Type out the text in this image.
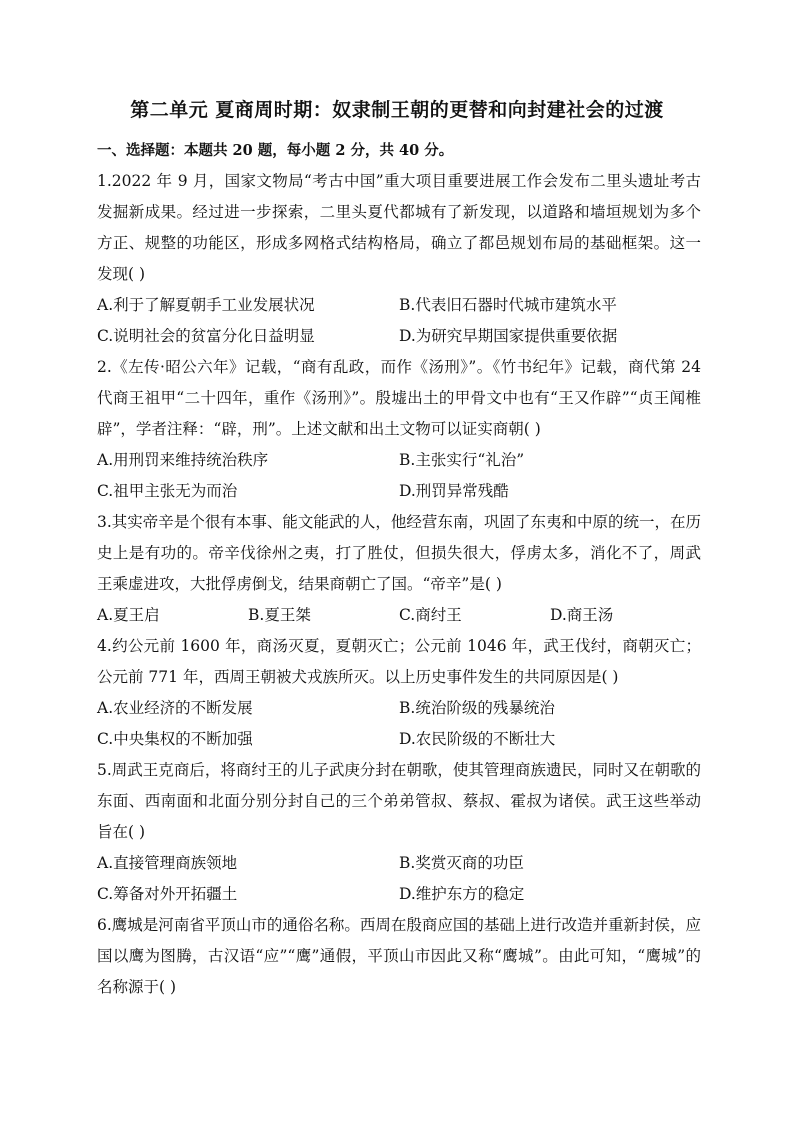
第二单元 夏商周时期：奴隶制王朝的更替和向封建社会的过渡
一、选择题：本题共 20 题，每小题 2 分，共 40 分。

1.2022 年 9 月，国家文物局“考古中国”重大项目重要进展工作会发布二里头遗址考古发掘新成果。经过进一步探索，二里头夏代都城有了新发现，以道路和墙垣规划为多个方正、规整的功能区，形成多网格式结构格局，确立了都邑规划布局的基础框架。这一发现( )

A.利于了解夏朝手工业发展状况	B.代表旧石器时代城市建筑水平
C.说明社会的贫富分化日益明显	D.为研究早期国家提供重要依据

2.《左传·昭公六年》记载，“商有乱政，而作《汤刑》”。《竹书纪年》记载，商代第 24 代商王祖甲“二十四年，重作《汤刑》”。殷墟出土的甲骨文中也有“王又作辟”“贞王闻椎辟”，学者注释：“辟，刑”。上述文献和出土文物可以证实商朝( )

A.用刑罚来维持统治秩序	B.主张实行“礼治”
C.祖甲主张无为而治	D.刑罚异常残酷

3.其实帝辛是个很有本事、能文能武的人，他经营东南，巩固了东夷和中原的统一，在历史上是有功的。帝辛伐徐州之夷，打了胜仗，但损失很大，俘虏太多，消化不了，周武王乘虚进攻，大批俘虏倒戈，结果商朝亡了国。“帝辛”是( )

A.夏王启	B.夏王桀	C.商纣王	D.商王汤

4.约公元前 1600 年，商汤灭夏，夏朝灭亡；公元前 1046 年，武王伐纣，商朝灭亡；公元前 771 年，西周王朝被犬戎族所灭。以上历史事件发生的共同原因是( )

A.农业经济的不断发展	B.统治阶级的残暴统治
C.中央集权的不断加强	D.农民阶级的不断壮大

5.周武王克商后，将商纣王的儿子武庚分封在朝歌，使其管理商族遗民，同时又在朝歌的东面、西南面和北面分别分封自己的三个弟弟管叔、蔡叔、霍叔为诸侯。武王这些举动旨在( )

A.直接管理商族领地	B.奖赏灭商的功臣
C.筹备对外开拓疆土	D.维护东方的稳定

6.鹰城是河南省平顶山市的通俗名称。西周在殷商应国的基础上进行改造并重新封侯，应国以鹰为图腾，古汉语“应”“鹰”通假，平顶山市因此又称“鹰城”。由此可知，“鹰城”的名称源于( )
